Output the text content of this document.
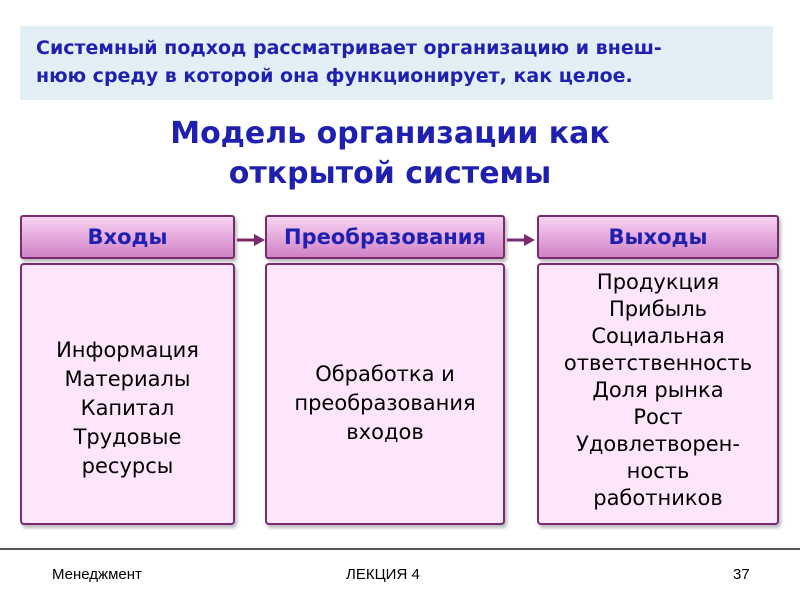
Системный подход рассматривает организацию и внеш-
нюю среду в которой она функционирует, как целое.
Модель организации как
открытой системы
Входы
Информация
Материалы
Капитал
Трудовые
ресурсы
Преобразования
Обработка и
преобразования
входов
Выходы
Продукция
Прибыль
Социальная
ответственность
Доля рынка
Рост
Удовлетворен-
ность
работников
Менеджмент	ЛЕКЦИЯ 4	37
